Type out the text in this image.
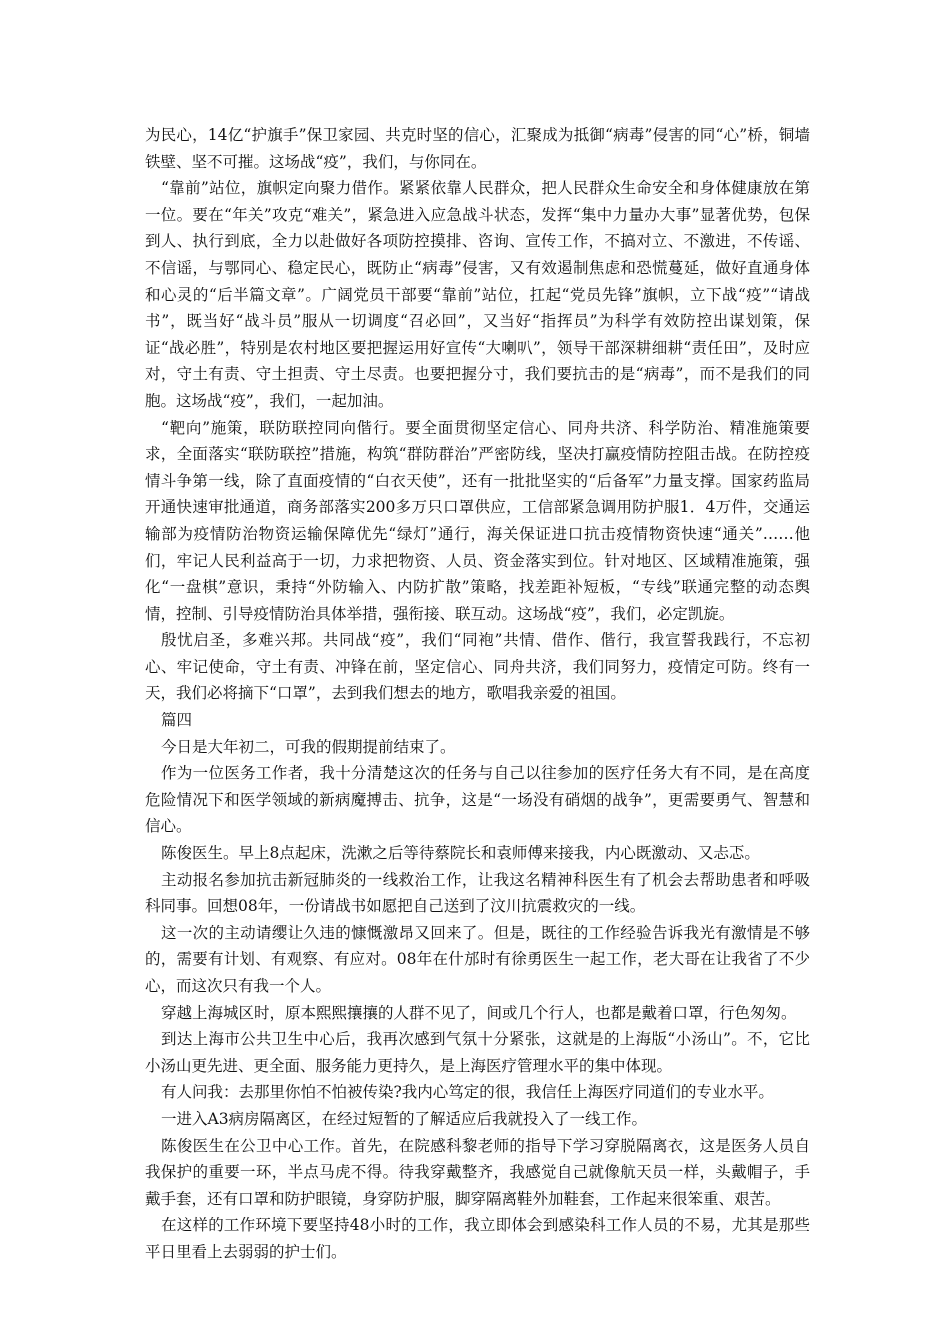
为民心，14亿“护旗手”保卫家园、共克时坚的信心，汇聚成为抵御“病毒”侵害的同“心”桥，铜墙铁壁、坚不可摧。这场战“疫”，我们，与你同在。

“靠前”站位，旗帜定向聚力借作。紧紧依靠人民群众，把人民群众生命安全和身体健康放在第一位。要在“年关”攻克“难关”，紧急进入应急战斗状态，发挥“集中力量办大事”显著优势，包保到人、执行到底，全力以赴做好各项防控摸排、咨询、宣传工作，不搞对立、不激进，不传谣、不信谣，与鄂同心、稳定民心，既防止“病毒”侵害，又有效遏制焦虑和恐慌蔓延，做好直通身体和心灵的“后半篇文章”。广阔党员干部要“靠前”站位，扛起“党员先锋”旗帜，立下战“疫”“请战书”，既当好“战斗员”服从一切调度“召必回”，又当好“指挥员”为科学有效防控出谋划策，保证“战必胜”，特别是农村地区要把握运用好宣传“大喇叭”，领导干部深耕细耕“责任田”，及时应对，守土有责、守土担责、守土尽责。也要把握分寸，我们要抗击的是“病毒”，而不是我们的同胞。这场战“疫”，我们，一起加油。

“靶向”施策，联防联控同向偕行。要全面贯彻坚定信心、同舟共济、科学防治、精准施策要求，全面落实“联防联控”措施，构筑“群防群治”严密防线，坚决打赢疫情防控阻击战。在防控疫情斗争第一线，除了直面疫情的“白衣天使”，还有一批批坚实的“后备军”力量支撑。国家药监局开通快速审批通道，商务部落实200多万只口罩供应，工信部紧急调用防护服1．4万件，交通运输部为疫情防治物资运输保障优先“绿灯”通行，海关保证进口抗击疫情物资快速“通关”……他们，牢记人民利益高于一切，力求把物资、人员、资金落实到位。针对地区、区域精准施策，强化“一盘棋”意识，秉持“外防输入、内防扩散”策略，找差距补短板，“专线”联通完整的动态舆情，控制、引导疫情防治具体举措，强衔接、联互动。这场战“疫”，我们，必定凯旋。

殷忧启圣，多难兴邦。共同战“疫”，我们“同袍”共情、借作、偕行，我宣誓我践行，不忘初心、牢记使命，守土有责、冲锋在前，坚定信心、同舟共济，我们同努力，疫情定可防。终有一天，我们必将摘下“口罩”，去到我们想去的地方，歌唱我亲爱的祖国。

篇四

今日是大年初二，可我的假期提前结束了。

作为一位医务工作者，我十分清楚这次的任务与自己以往参加的医疗任务大有不同，是在高度危险情况下和医学领域的新病魔搏击、抗争，这是“一场没有硝烟的战争”，更需要勇气、智慧和信心。

陈俊医生。早上8点起床，洗漱之后等待蔡院长和袁师傅来接我，内心既激动、又忐忑。

主动报名参加抗击新冠肺炎的一线救治工作，让我这名精神科医生有了机会去帮助患者和呼吸科同事。回想08年，一份请战书如愿把自己送到了汶川抗震救灾的一线。

这一次的主动请缨让久违的慷慨激昂又回来了。但是，既往的工作经验告诉我光有激情是不够的，需要有计划、有观察、有应对。08年在什邡时有徐勇医生一起工作，老大哥在让我省了不少心，而这次只有我一个人。

穿越上海城区时，原本熙熙攘攘的人群不见了，间或几个行人，也都是戴着口罩，行色匆匆。

到达上海市公共卫生中心后，我再次感到气氛十分紧张，这就是的上海版“小汤山”。不，它比小汤山更先进、更全面、服务能力更持久，是上海医疗管理水平的集中体现。

有人问我：去那里你怕不怕被传染?我内心笃定的很，我信任上海医疗同道们的专业水平。

一进入A3病房隔离区，在经过短暂的了解适应后我就投入了一线工作。

陈俊医生在公卫中心工作。首先，在院感科黎老师的指导下学习穿脱隔离衣，这是医务人员自我保护的重要一环，半点马虎不得。待我穿戴整齐，我感觉自己就像航天员一样，头戴帽子，手戴手套，还有口罩和防护眼镜，身穿防护服，脚穿隔离鞋外加鞋套，工作起来很笨重、艰苦。

在这样的工作环境下要坚持48小时的工作，我立即体会到感染科工作人员的不易，尤其是那些平日里看上去弱弱的护士们。
